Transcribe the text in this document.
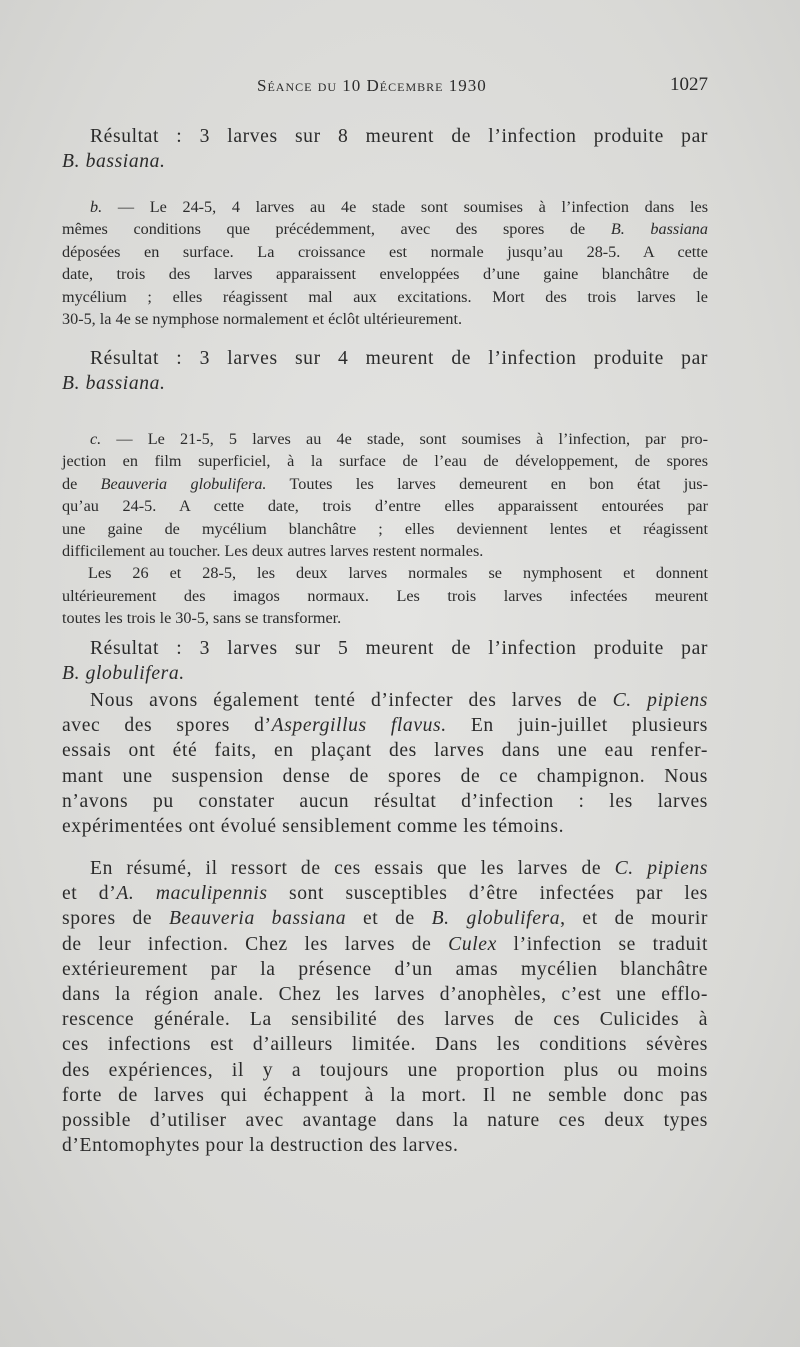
Séance du 10 Décembre 1930	1027
Résultat : 3 larves sur 8 meurent de l’infection produite par
B. bassiana.
b. — Le 24-5, 4 larves au 4e stade sont soumises à l’infection dans les
mêmes conditions que précédemment, avec des spores de B. bassiana
déposées en surface. La croissance est normale jusqu’au 28-5. A cette
date, trois des larves apparaissent enveloppées d’une gaine blanchâtre de
mycélium ; elles réagissent mal aux excitations. Mort des trois larves le
30-5, la 4e se nymphose normalement et éclôt ultérieurement.
Résultat : 3 larves sur 4 meurent de l’infection produite par
B. bassiana.
c. — Le 21-5, 5 larves au 4e stade, sont soumises à l’infection, par pro-
jection en film superficiel, à la surface de l’eau de développement, de spores
de Beauveria globulifera. Toutes les larves demeurent en bon état jus-
qu’au 24-5. A cette date, trois d’entre elles apparaissent entourées par
une gaine de mycélium blanchâtre ; elles deviennent lentes et réagissent
difficilement au toucher. Les deux autres larves restent normales.
Les 26 et 28-5, les deux larves normales se nymphosent et donnent
ultérieurement des imagos normaux. Les trois larves infectées meurent
toutes les trois le 30-5, sans se transformer.
Résultat : 3 larves sur 5 meurent de l’infection produite par
B. globulifera.
Nous avons également tenté d’infecter des larves de C. pipiens
avec des spores d’Aspergillus flavus. En juin-juillet plusieurs
essais ont été faits, en plaçant des larves dans une eau renfer-
mant une suspension dense de spores de ce champignon. Nous
n’avons pu constater aucun résultat d’infection : les larves
expérimentées ont évolué sensiblement comme les témoins.
En résumé, il ressort de ces essais que les larves de C. pipiens
et d’A. maculipennis sont susceptibles d’être infectées par les
spores de Beauveria bassiana et de B. globulifera, et de mourir
de leur infection. Chez les larves de Culex l’infection se traduit
extérieurement par la présence d’un amas mycélien blanchâtre
dans la région anale. Chez les larves d’anophèles, c’est une efflo-
rescence générale. La sensibilité des larves de ces Culicides à
ces infections est d’ailleurs limitée. Dans les conditions sévères
des expériences, il y a toujours une proportion plus ou moins
forte de larves qui échappent à la mort. Il ne semble donc pas
possible d’utiliser avec avantage dans la nature ces deux types
d’Entomophytes pour la destruction des larves.
